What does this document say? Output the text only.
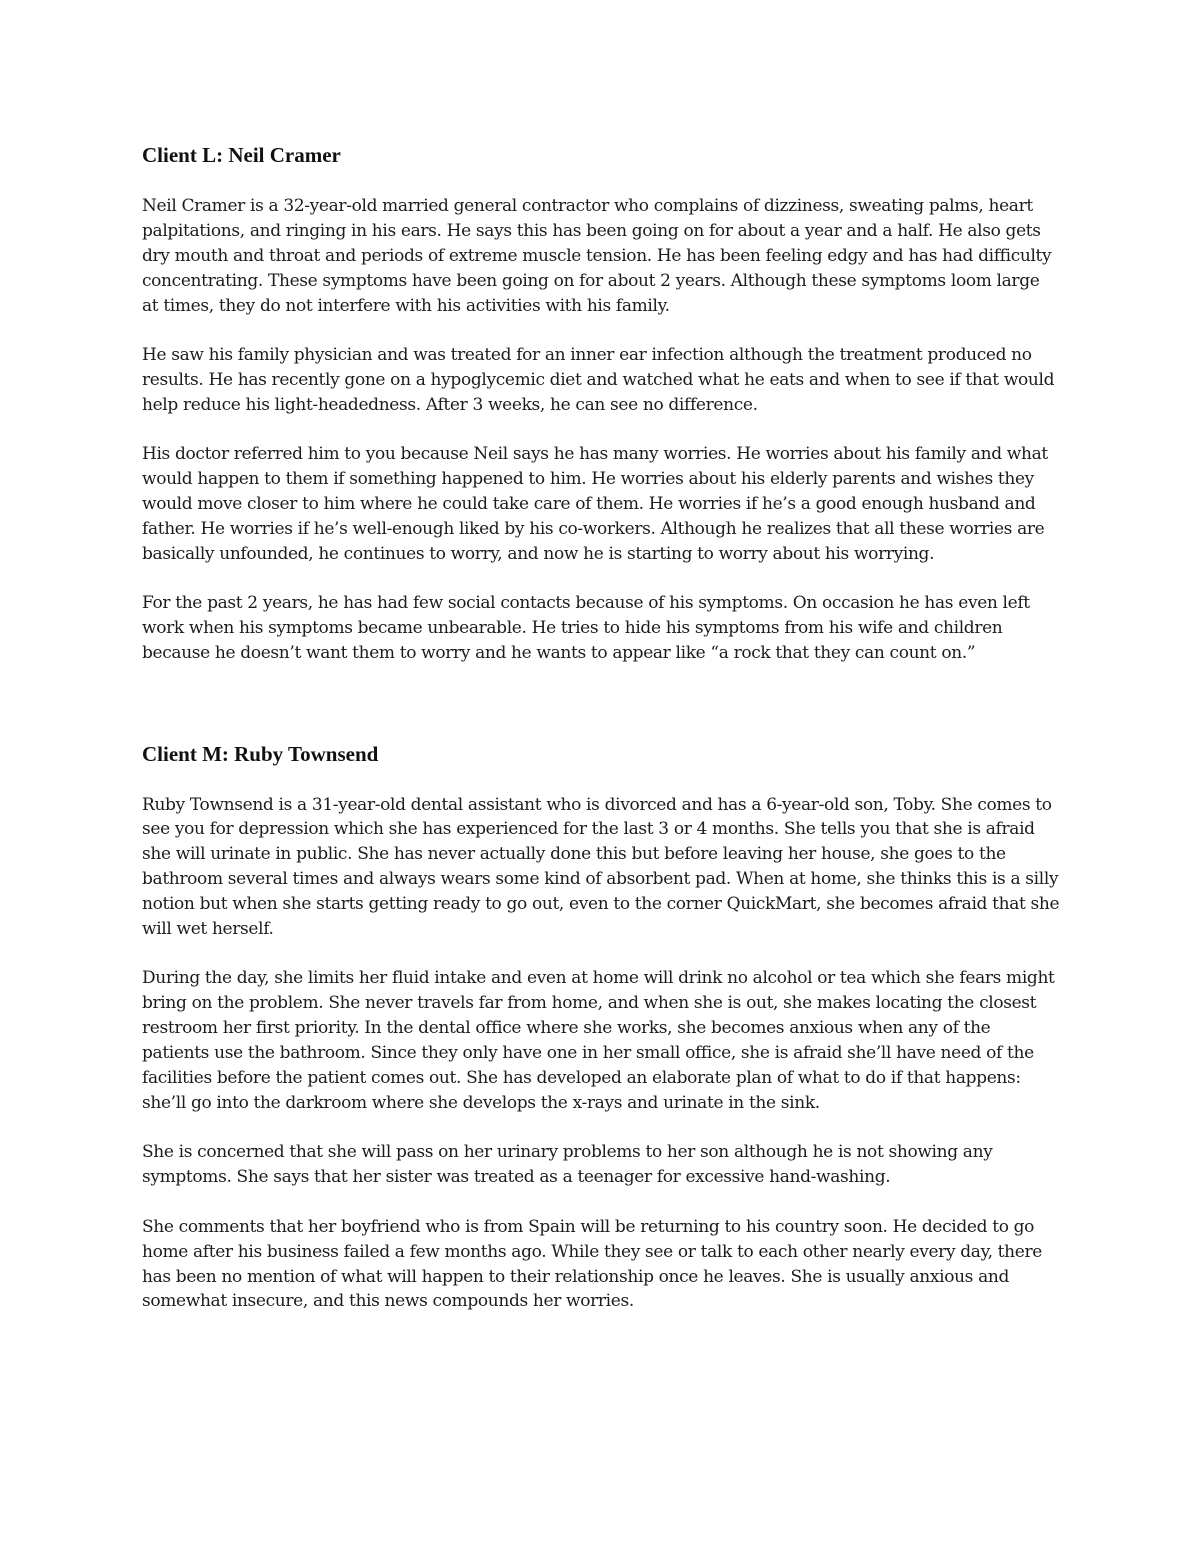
Client L: Neil Cramer

Neil Cramer is a 32-year-old married general contractor who complains of dizziness, sweating palms, heart palpitations, and ringing in his ears. He says this has been going on for about a year and a half. He also gets dry mouth and throat and periods of extreme muscle tension. He has been feeling edgy and has had difficulty concentrating. These symptoms have been going on for about 2 years. Although these symptoms loom large at times, they do not interfere with his activities with his family.

He saw his family physician and was treated for an inner ear infection although the treatment produced no results. He has recently gone on a hypoglycemic diet and watched what he eats and when to see if that would help reduce his light-headedness. After 3 weeks, he can see no difference.

His doctor referred him to you because Neil says he has many worries. He worries about his family and what would happen to them if something happened to him. He worries about his elderly parents and wishes they would move closer to him where he could take care of them. He worries if he’s a good enough husband and father. He worries if he’s well-enough liked by his co-workers. Although he realizes that all these worries are basically unfounded, he continues to worry, and now he is starting to worry about his worrying.

For the past 2 years, he has had few social contacts because of his symptoms. On occasion he has even left work when his symptoms became unbearable. He tries to hide his symptoms from his wife and children because he doesn’t want them to worry and he wants to appear like “a rock that they can count on.”

Client M: Ruby Townsend

Ruby Townsend is a 31-year-old dental assistant who is divorced and has a 6-year-old son, Toby. She comes to see you for depression which she has experienced for the last 3 or 4 months. She tells you that she is afraid she will urinate in public. She has never actually done this but before leaving her house, she goes to the bathroom several times and always wears some kind of absorbent pad. When at home, she thinks this is a silly notion but when she starts getting ready to go out, even to the corner QuickMart, she becomes afraid that she will wet herself.

During the day, she limits her fluid intake and even at home will drink no alcohol or tea which she fears might bring on the problem. She never travels far from home, and when she is out, she makes locating the closest restroom her first priority. In the dental office where she works, she becomes anxious when any of the patients use the bathroom. Since they only have one in her small office, she is afraid she’ll have need of the facilities before the patient comes out. She has developed an elaborate plan of what to do if that happens: she’ll go into the darkroom where she develops the x-rays and urinate in the sink.

She is concerned that she will pass on her urinary problems to her son although he is not showing any symptoms. She says that her sister was treated as a teenager for excessive hand-washing.

She comments that her boyfriend who is from Spain will be returning to his country soon. He decided to go home after his business failed a few months ago. While they see or talk to each other nearly every day, there has been no mention of what will happen to their relationship once he leaves. She is usually anxious and somewhat insecure, and this news compounds her worries.
